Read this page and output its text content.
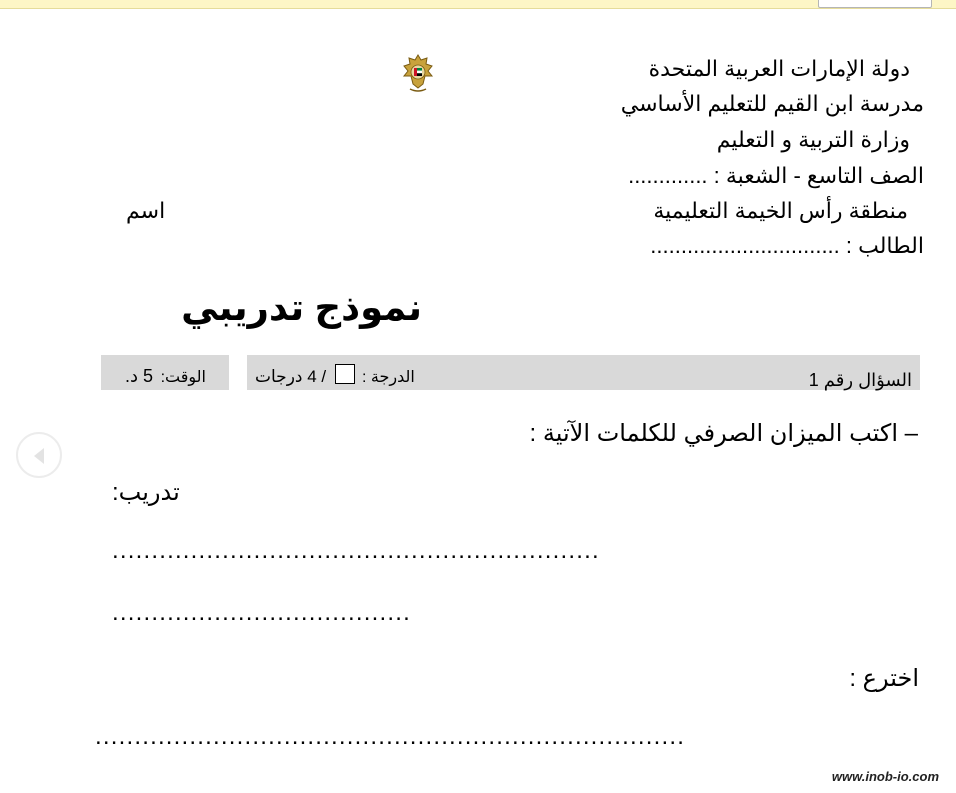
دولة الإمارات العربية المتحدة
مدرسة ابن القيم للتعليم الأساسي
وزارة التربية و التعليم
الصف التاسع - الشعبة : .............
منطقة رأس الخيمة التعليمية
اسم
الطالب : ...............................
نموذج تدريبي
الوقت:
5 د.	السؤال رقم 1
الدرجة :
/ 4 درجات
– اكتب الميزان الصرفي للكلمات الآتية :
تدريب:
..............................................................
......................................
اخترع :
...........................................................................
www.inob-io.com
